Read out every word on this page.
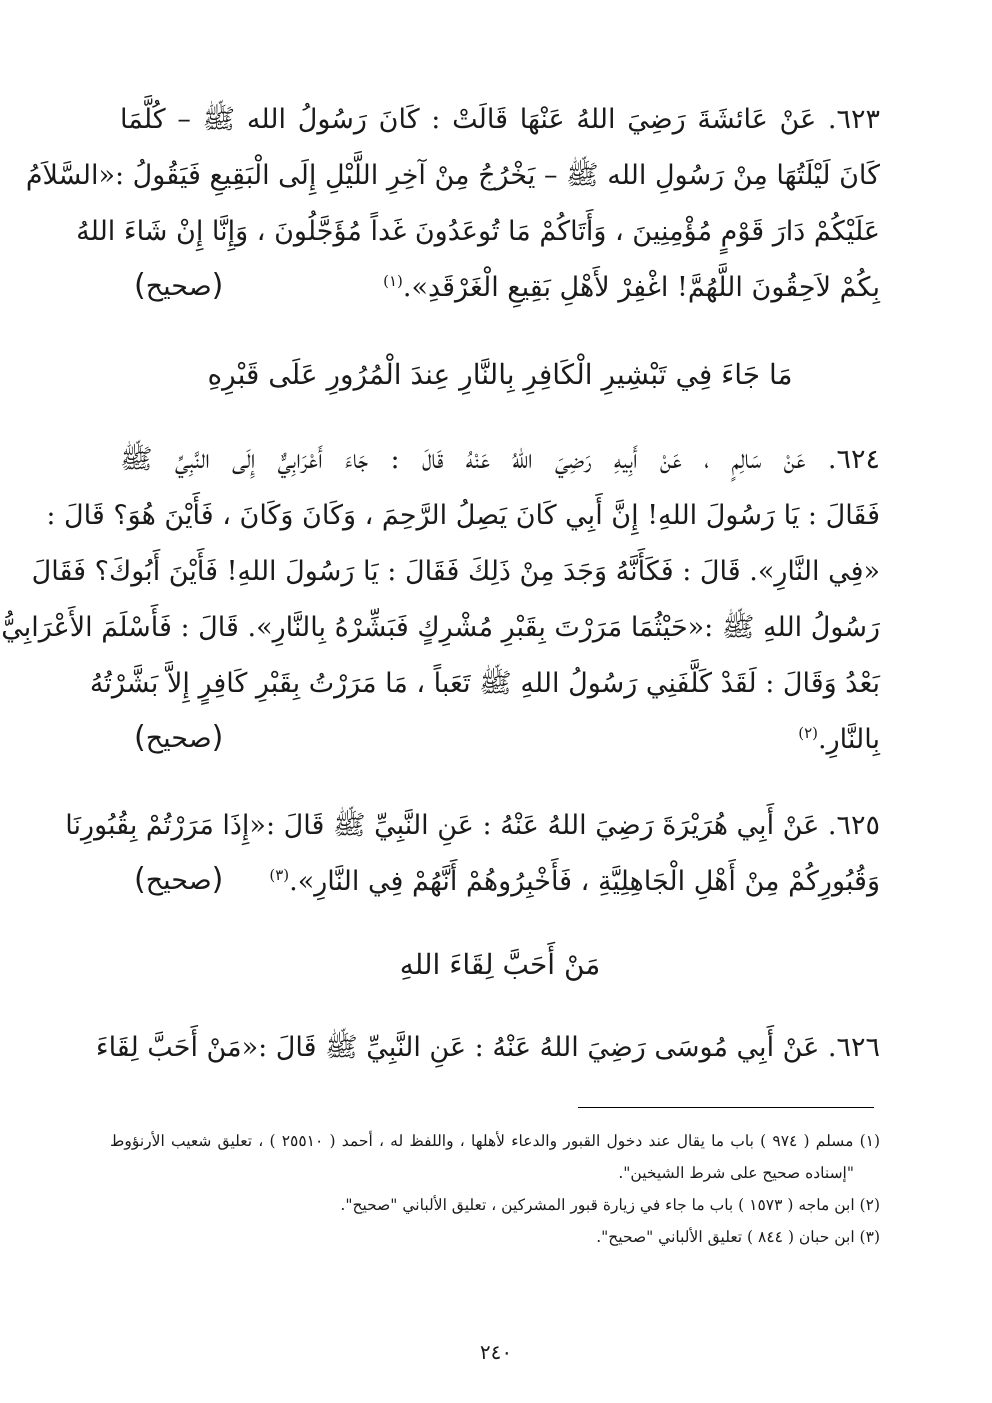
٦٢٣. عَنْ عَائشَةَ رَضِيَ اللهُ عَنْهَا قَالَتْ : كَانَ رَسُولُ الله ﷺ – كُلَّمَا
كَانَ لَيْلَتُهَا مِنْ رَسُولِ الله ﷺ – يَخْرُجُ مِنْ آخِرِ اللَّيْلِ إِلَى الْبَقِيعِ فَيَقُولُ :«السَّلاَمُ
عَلَيْكُمْ دَارَ قَوْمٍ مُؤْمِنِينَ ، وَأَتَاكُمْ مَا تُوعَدُونَ غَداً مُؤَجَّلُونَ ، وَإِنَّا إِنْ شَاءَ اللهُ
بِكُمْ لاَحِقُونَ اللَّهُمَّ! اغْفِرْ لأَهْلِ بَقِيعِ الْغَرْقَدِ».$^{(١)}$
(صحيح)
مَا جَاءَ فِي تَبْشِيرِ الْكَافِرِ بِالنَّارِ عِندَ الْمُرُورِ عَلَى قَبْرِهِ
٦٢٤. عَنْ سَالِمٍ ، عَنْ أَبِيهِ رَضِيَ اللهُ عَنْهُ قَالَ : جَاءَ أَعْرَابِيٌّ إِلَى النَّبِيِّ ﷺ
فَقَالَ : يَا رَسُولَ اللهِ! إِنَّ أَبِي كَانَ يَصِلُ الرَّحِمَ ، وَكَانَ وَكَانَ ، فَأَيْنَ هُوَ؟ قَالَ :
«فِي النَّارِ». قَالَ : فَكَأَنَّهُ وَجَدَ مِنْ ذَلِكَ فَقَالَ : يَا رَسُولَ اللهِ! فَأَيْنَ أَبُوكَ؟ فَقَالَ
رَسُولُ اللهِ ﷺ :«حَيْثُمَا مَرَرْتَ بِقَبْرِ مُشْرِكٍ فَبَشِّرْهُ بِالنَّارِ». قَالَ : فَأَسْلَمَ الأَعْرَابِيُّ
بَعْدُ وَقَالَ : لَقَدْ كَلَّفَنِي رَسُولُ اللهِ ﷺ تَعَباً ، مَا مَرَرْتُ بِقَبْرِ كَافِرٍ إِلاَّ بَشَّرْتُهُ
بِالنَّارِ.$^{(٢)}$
(صحيح)
٦٢٥. عَنْ أَبِي هُرَيْرَةَ رَضِيَ اللهُ عَنْهُ : عَنِ النَّبِيِّ ﷺ قَالَ :«إِذَا مَرَرْتُمْ بِقُبُورِنَا
وَقُبُورِكُمْ مِنْ أَهْلِ الْجَاهِلِيَّةِ ، فَأَخْبِرُوهُمْ أَنَّهُمْ فِي النَّارِ».$^{(٣)}$
(صحيح)
مَنْ أَحَبَّ لِقَاءَ اللهِ
٦٢٦. عَنْ أَبِي مُوسَى رَضِيَ اللهُ عَنْهُ : عَنِ النَّبِيِّ ﷺ قَالَ :«مَنْ أَحَبَّ لِقَاءَ
(١) مسلم ( ٩٧٤ ) باب ما يقال عند دخول القبور والدعاء لأهلها ، واللفظ له ، أحمد ( ٢٥٥١٠ ) ، تعليق شعيب الأرنؤوط
"إسناده صحيح على شرط الشيخين".
(٢) ابن ماجه ( ١٥٧٣ ) باب ما جاء في زيارة قبور المشركين ، تعليق الألباني "صحيح".
(٣) ابن حبان ( ٨٤٤ ) تعليق الألباني "صحيح".
٢٤٠
